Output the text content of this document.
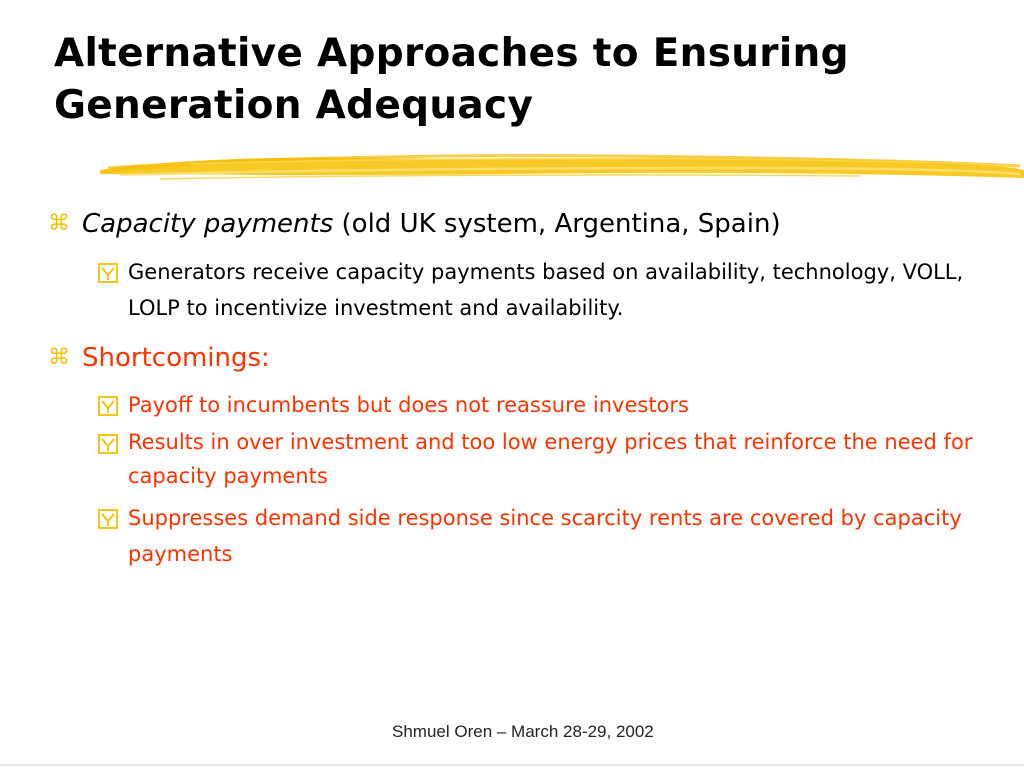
Alternative Approaches to Ensuring
Generation Adequacy
⌘ Capacity payments (old UK system, Argentina, Spain)
Generators receive capacity payments based on availability, technology, VOLL, LOLP to incentivize investment and availability.
⌘ Shortcomings:
Payoff to incumbents but does not reassure investors
Results in over investment and too low energy prices that reinforce the need for capacity payments
Suppresses demand side response since scarcity rents are covered by capacity payments
Shmuel Oren – March 28-29, 2002
